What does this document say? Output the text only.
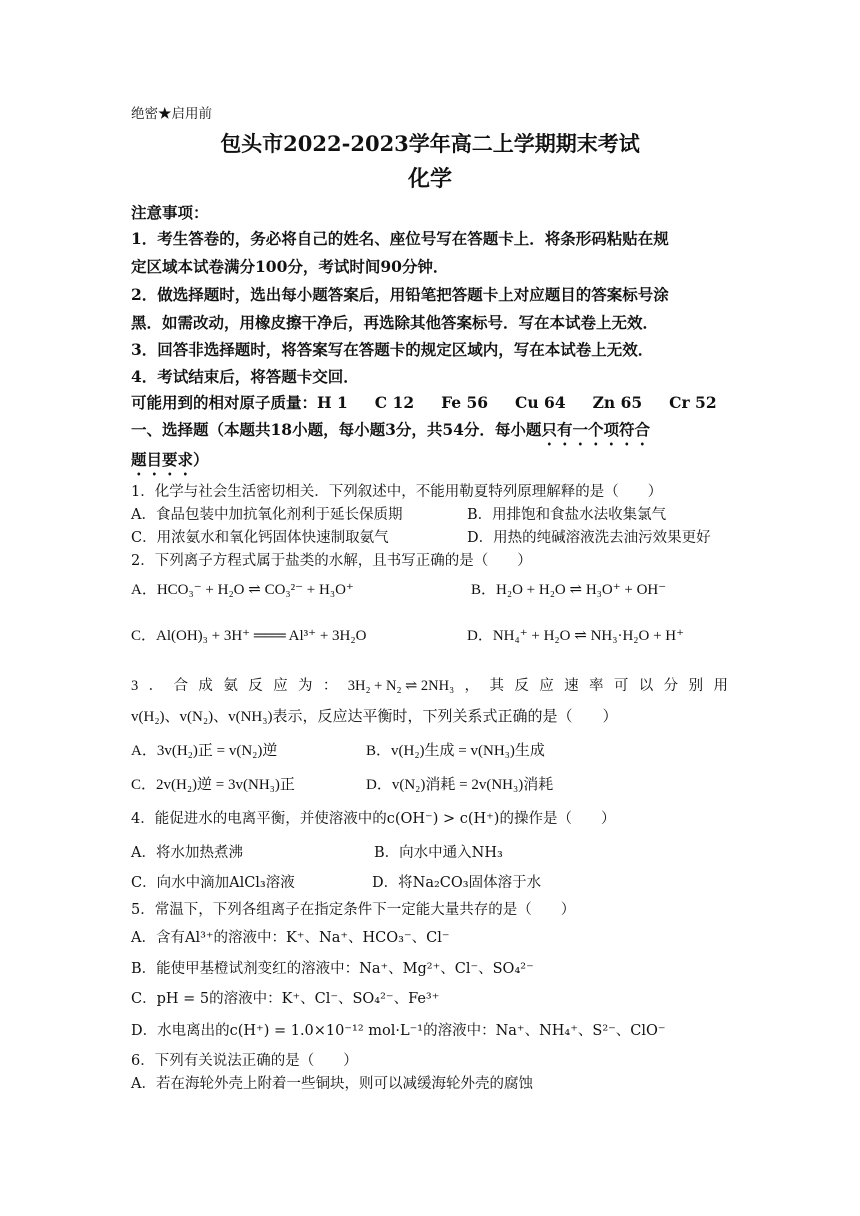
绝密★启用前
包头市2022-2023学年高二上学期期末考试
化学
注意事项：
1．考生答卷的，务必将自己的姓名、座位号写在答题卡上．将条形码粘贴在规
定区域本试卷满分100分，考试时间90分钟．
2．做选择题时，选出每小题答案后，用铅笔把答题卡上对应题目的答案标号涂
黑．如需改动，用橡皮擦干净后，再选除其他答案标号．写在本试卷上无效．
3．回答非选择题时，将答案写在答题卡的规定区域内，写在本试卷上无效．
4．考试结束后，将答题卡交回．
可能用到的相对原子质量：H 1     C 12     Fe 56     Cu 64     Zn 65     Cr 52
一、选择题（本题共18小题，每小题3分，共54分．每小题只有一个项符合
题目要求）
1．化学与社会生活密切相关．下列叙述中，不能用勒夏特列原理解释的是（　　）
A．食品包装中加抗氧化剂利于延长保质期	B．用排饱和食盐水法收集氯气
C．用浓氨水和氧化钙固体快速制取氨气	D．用热的纯碱溶液洗去油污效果更好
2．下列离子方程式属于盐类的水解，且书写正确的是（　　）
A．HCO₃⁻ + H₂O ⇌ CO₃²⁻ + H₃O⁺	B．H₂O + H₂O ⇌ H₃O⁺ + OH⁻
C．Al(OH)₃ + 3H⁺ ═══ Al³⁺ + 3H₂O	D．NH₄⁺ + H₂O ⇌ NH₃·H₂O + H⁺
3 ． 合 成 氨 反 应 为 ： 3H₂ + N₂ ⇌ 2NH₃ ， 其 反 应 速 率 可 以 分 别 用
v(H₂)、v(N₂)、v(NH₃)表示，反应达平衡时，下列关系式正确的是（　　）
A．3v(H₂)正 = v(N₂)逆	B．v(H₂)生成 = v(NH₃)生成
C．2v(H₂)逆 = 3v(NH₃)正	D．v(N₂)消耗 = 2v(NH₃)消耗
4．能促进水的电离平衡，并使溶液中的c(OH⁻) > c(H⁺)的操作是（　　）
A．将水加热煮沸	B．向水中通入NH₃
C．向水中滴加AlCl₃溶液	D．将Na₂CO₃固体溶于水
5．常温下，下列各组离子在指定条件下一定能大量共存的是（　　）
A．含有Al³⁺的溶液中：K⁺、Na⁺、HCO₃⁻、Cl⁻
B．能使甲基橙试剂变红的溶液中：Na⁺、Mg²⁺、Cl⁻、SO₄²⁻
C．pH = 5的溶液中：K⁺、Cl⁻、SO₄²⁻、Fe³⁺
D．水电离出的c(H⁺) = 1.0×10⁻¹² mol·L⁻¹的溶液中：Na⁺、NH₄⁺、S²⁻、ClO⁻
6．下列有关说法正确的是（　　）
A．若在海轮外壳上附着一些铜块，则可以减缓海轮外壳的腐蚀
